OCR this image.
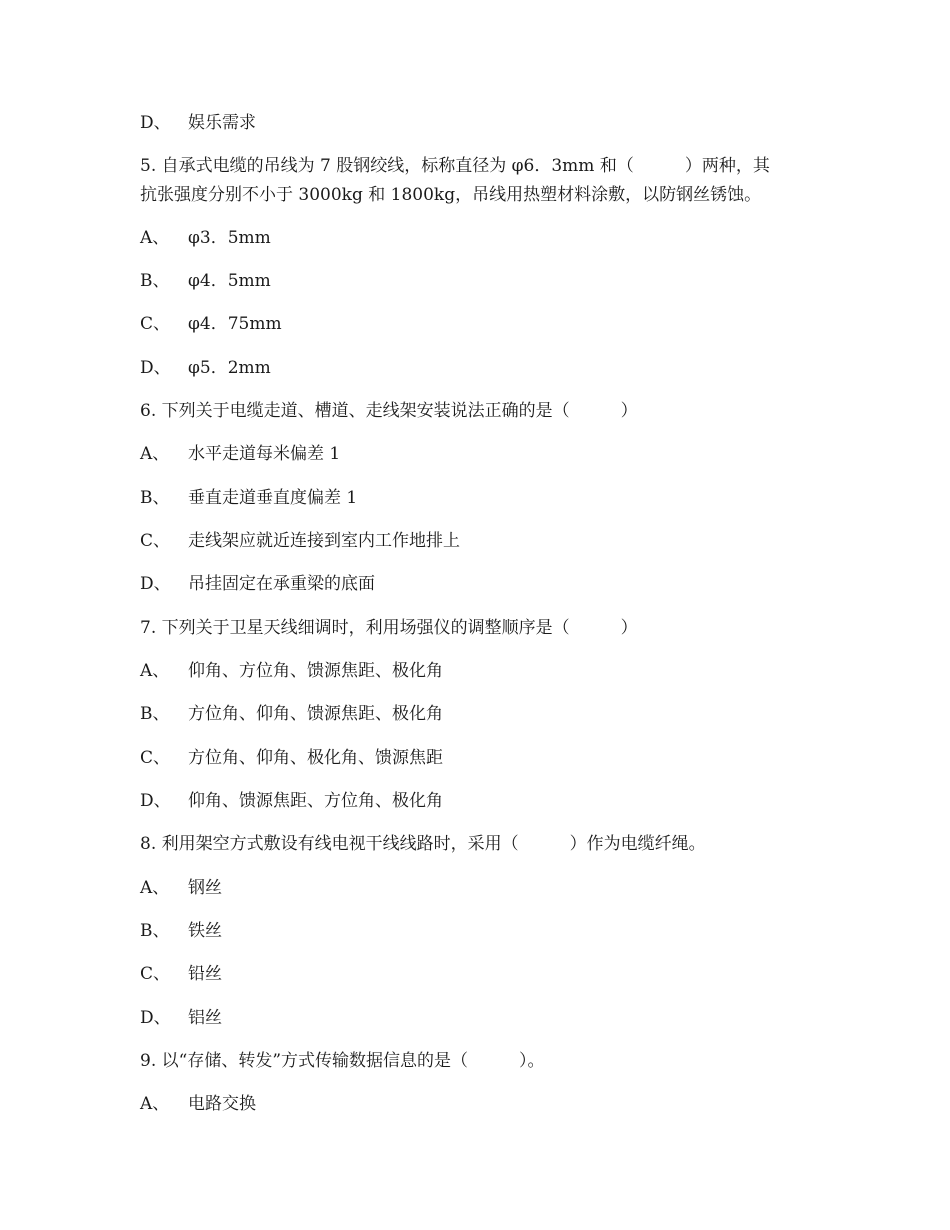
D、 娱乐需求
5. 自承式电缆的吊线为 7 股钢绞线，标称直径为 φ6．3mm 和（　　　）两种，其
抗张强度分别不小于 3000kg 和 1800kg，吊线用热塑材料涂敷，以防钢丝锈蚀。
A、 φ3．5mm
B、 φ4．5mm
C、 φ4．75mm
D、 φ5．2mm
6. 下列关于电缆走道、槽道、走线架安装说法正确的是（　　　）
A、 水平走道每米偏差 1
B、 垂直走道垂直度偏差 1
C、 走线架应就近连接到室内工作地排上
D、 吊挂固定在承重梁的底面
7. 下列关于卫星天线细调时，利用场强仪的调整顺序是（　　　）
A、 仰角、方位角、馈源焦距、极化角
B、 方位角、仰角、馈源焦距、极化角
C、 方位角、仰角、极化角、馈源焦距
D、 仰角、馈源焦距、方位角、极化角
8. 利用架空方式敷设有线电视干线线路时，采用（　　　）作为电缆纤绳。
A、 钢丝
B、 铁丝
C、 铅丝
D、 铝丝
9. 以“存储、转发”方式传输数据信息的是（　　　）。
A、 电路交换
